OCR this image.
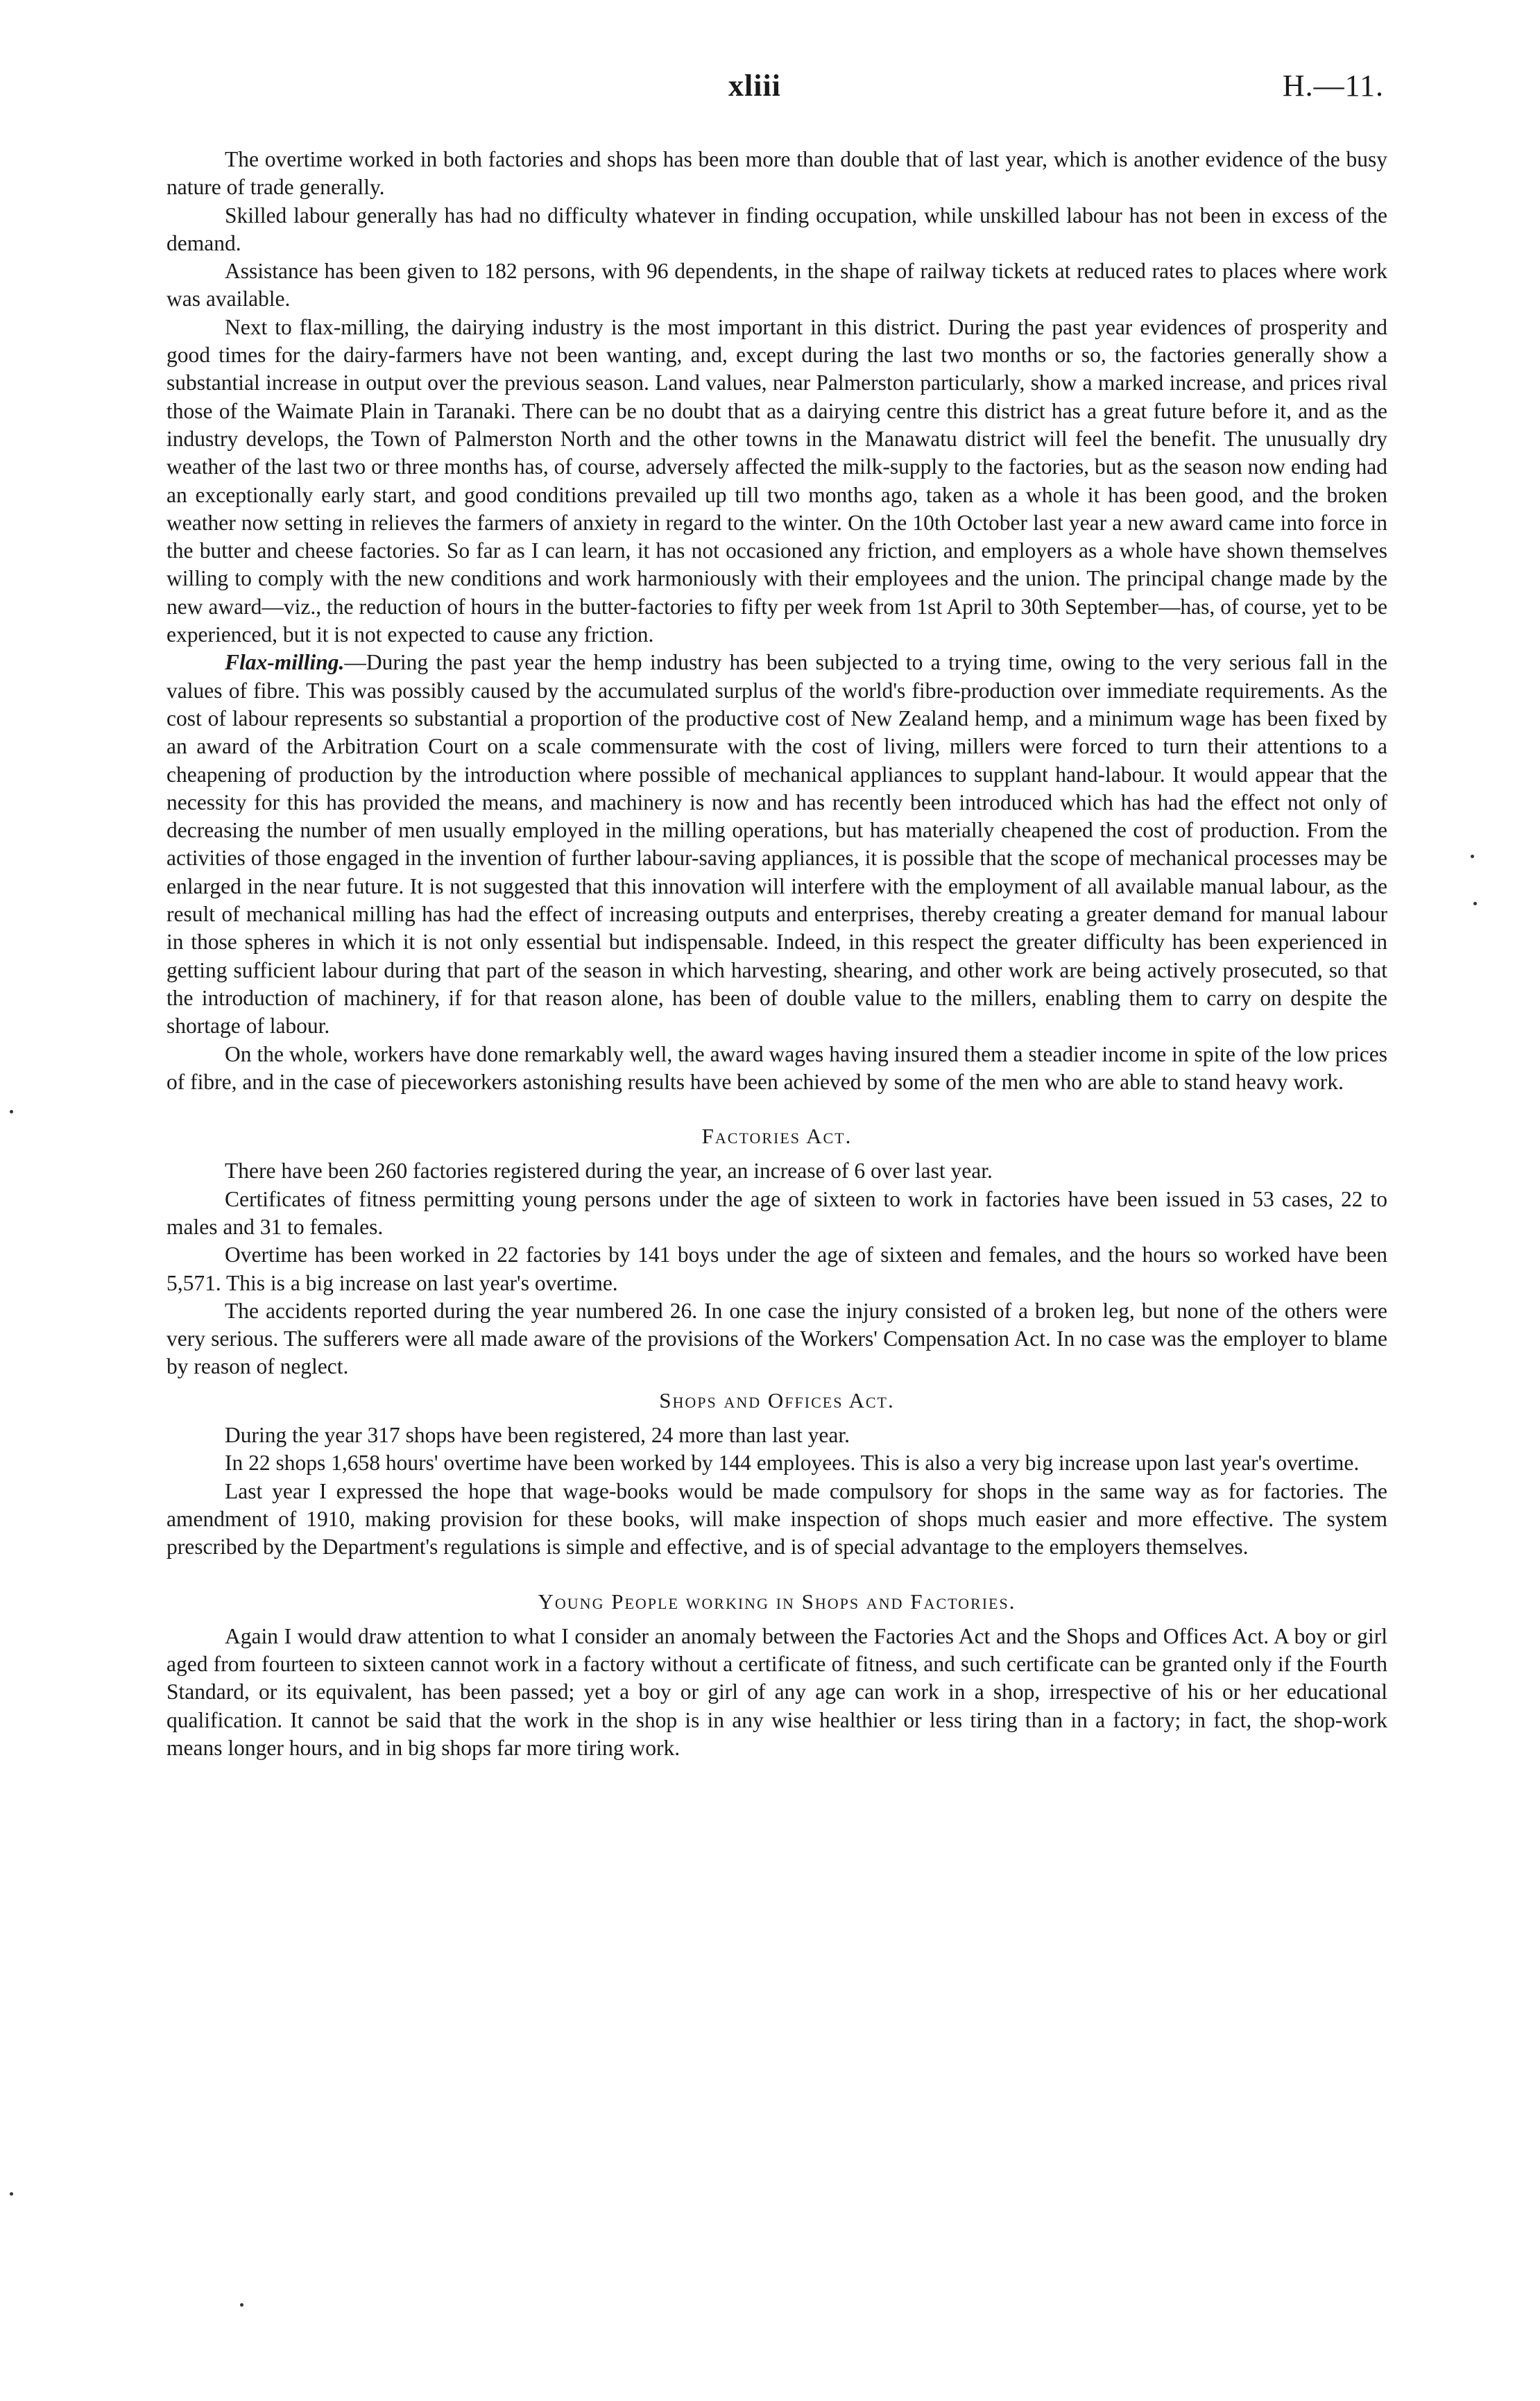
xliii	H.—11.

The overtime worked in both factories and shops has been more than double that of last year, which is another evidence of the busy nature of trade generally.

Skilled labour generally has had no difficulty whatever in finding occupation, while unskilled labour has not been in excess of the demand.

Assistance has been given to 182 persons, with 96 dependents, in the shape of railway tickets at reduced rates to places where work was available.

Next to flax-milling, the dairying industry is the most important in this district. During the past year evidences of prosperity and good times for the dairy-farmers have not been wanting, and, except during the last two months or so, the factories generally show a substantial increase in output over the previous season. Land values, near Palmerston particularly, show a marked increase, and prices rival those of the Waimate Plain in Taranaki. There can be no doubt that as a dairying centre this district has a great future before it, and as the industry develops, the Town of Palmerston North and the other towns in the Manawatu district will feel the benefit. The unusually dry weather of the last two or three months has, of course, adversely affected the milk-supply to the factories, but as the season now ending had an exceptionally early start, and good conditions prevailed up till two months ago, taken as a whole it has been good, and the broken weather now setting in relieves the farmers of anxiety in regard to the winter. On the 10th October last year a new award came into force in the butter and cheese factories. So far as I can learn, it has not occasioned any friction, and employers as a whole have shown themselves willing to comply with the new conditions and work harmoniously with their employees and the union. The principal change made by the new award—viz., the reduction of hours in the butter-factories to fifty per week from 1st April to 30th September—has, of course, yet to be experienced, but it is not expected to cause any friction.

Flax-milling.—During the past year the hemp industry has been subjected to a trying time, owing to the very serious fall in the values of fibre. This was possibly caused by the accumulated surplus of the world's fibre-production over immediate requirements. As the cost of labour represents so substantial a proportion of the productive cost of New Zealand hemp, and a minimum wage has been fixed by an award of the Arbitration Court on a scale commensurate with the cost of living, millers were forced to turn their attentions to a cheapening of production by the introduction where possible of mechanical appliances to supplant hand-labour. It would appear that the necessity for this has provided the means, and machinery is now and has recently been introduced which has had the effect not only of decreasing the number of men usually employed in the milling operations, but has materially cheapened the cost of production. From the activities of those engaged in the invention of further labour-saving appliances, it is possible that the scope of mechanical processes may be enlarged in the near future. It is not suggested that this innovation will interfere with the employment of all available manual labour, as the result of mechanical milling has had the effect of increasing outputs and enterprises, thereby creating a greater demand for manual labour in those spheres in which it is not only essential but indispensable. Indeed, in this respect the greater difficulty has been experienced in getting sufficient labour during that part of the season in which harvesting, shearing, and other work are being actively prosecuted, so that the introduction of machinery, if for that reason alone, has been of double value to the millers, enabling them to carry on despite the shortage of labour.

On the whole, workers have done remarkably well, the award wages having insured them a steadier income in spite of the low prices of fibre, and in the case of pieceworkers astonishing results have been achieved by some of the men who are able to stand heavy work.

Factories Act.

There have been 260 factories registered during the year, an increase of 6 over last year.

Certificates of fitness permitting young persons under the age of sixteen to work in factories have been issued in 53 cases, 22 to males and 31 to females.

Overtime has been worked in 22 factories by 141 boys under the age of sixteen and females, and the hours so worked have been 5,571. This is a big increase on last year's overtime.

The accidents reported during the year numbered 26. In one case the injury consisted of a broken leg, but none of the others were very serious. The sufferers were all made aware of the provisions of the Workers' Compensation Act. In no case was the employer to blame by reason of neglect.

Shops and Offices Act.

During the year 317 shops have been registered, 24 more than last year.

In 22 shops 1,658 hours' overtime have been worked by 144 employees. This is also a very big increase upon last year's overtime.

Last year I expressed the hope that wage-books would be made compulsory for shops in the same way as for factories. The amendment of 1910, making provision for these books, will make inspection of shops much easier and more effective. The system prescribed by the Department's regulations is simple and effective, and is of special advantage to the employers themselves.

Young People working in Shops and Factories.

Again I would draw attention to what I consider an anomaly between the Factories Act and the Shops and Offices Act. A boy or girl aged from fourteen to sixteen cannot work in a factory without a certificate of fitness, and such certificate can be granted only if the Fourth Standard, or its equivalent, has been passed; yet a boy or girl of any age can work in a shop, irrespective of his or her educational qualification. It cannot be said that the work in the shop is in any wise healthier or less tiring than in a factory; in fact, the shop-work means longer hours, and in big shops far more tiring work.
